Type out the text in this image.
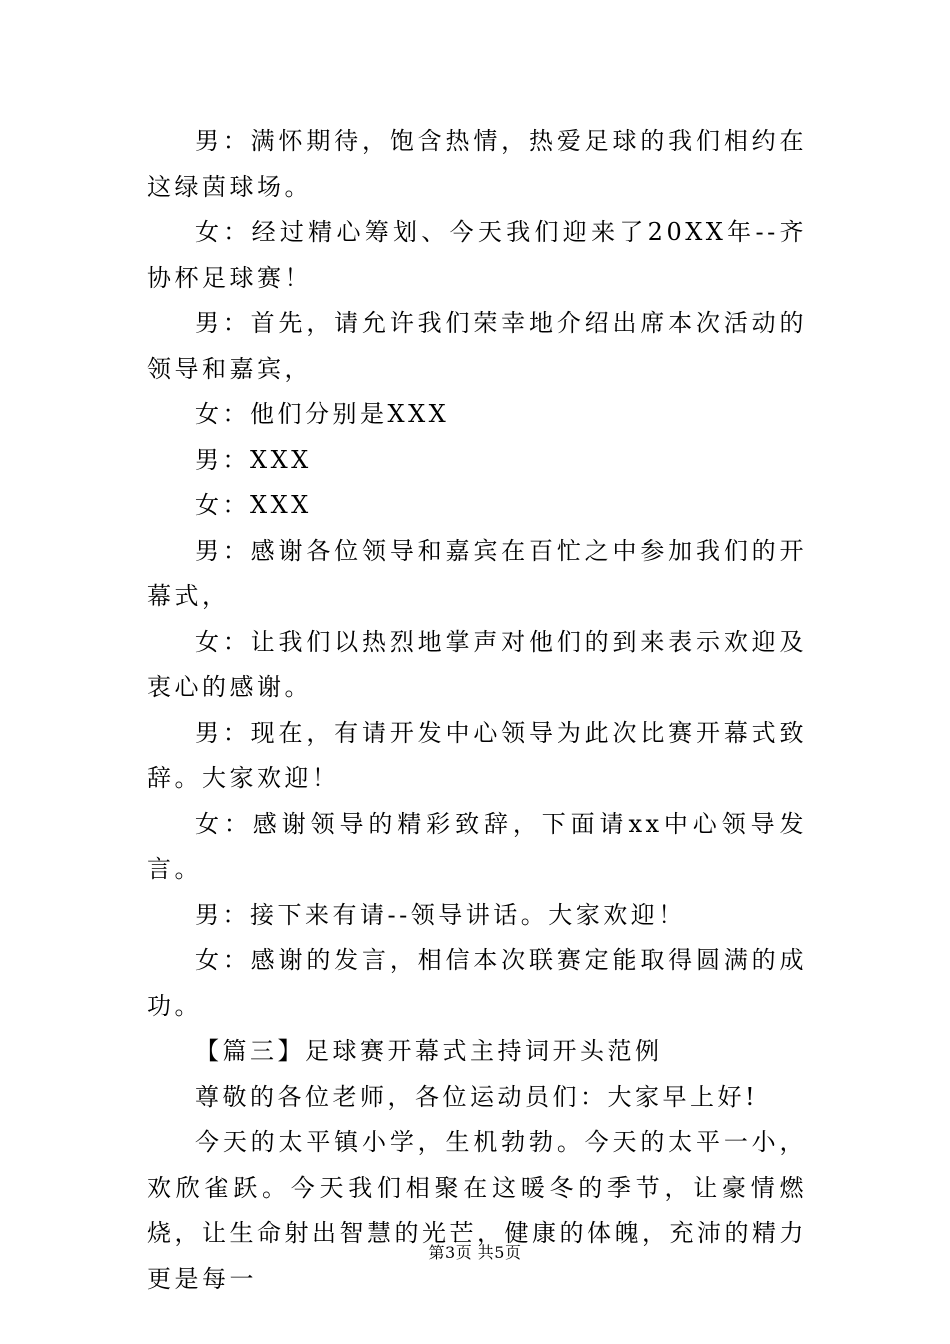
男：满怀期待，饱含热情，热爱足球的我们相约在这绿茵球场。

女：经过精心筹划、今天我们迎来了20XX年--齐协杯足球赛！

男：首先，请允许我们荣幸地介绍出席本次活动的领导和嘉宾，

女：他们分别是XXX

男：XXX

女：XXX

男：感谢各位领导和嘉宾在百忙之中参加我们的开幕式，

女：让我们以热烈地掌声对他们的到来表示欢迎及衷心的感谢。

男：现在，有请开发中心领导为此次比赛开幕式致辞。大家欢迎！

女：感谢领导的精彩致辞，下面请xx中心领导发言。

男：接下来有请--领导讲话。大家欢迎！

女：感谢的发言，相信本次联赛定能取得圆满的成功。

【篇三】足球赛开幕式主持词开头范例

尊敬的各位老师，各位运动员们：大家早上好!

今天的太平镇小学，生机勃勃。今天的太平一小，欢欣雀跃。今天我们相聚在这暖冬的季节，让豪情燃烧，让生命射出智慧的光芒，健康的体魄，充沛的精力更是每一

第3页 共5页
